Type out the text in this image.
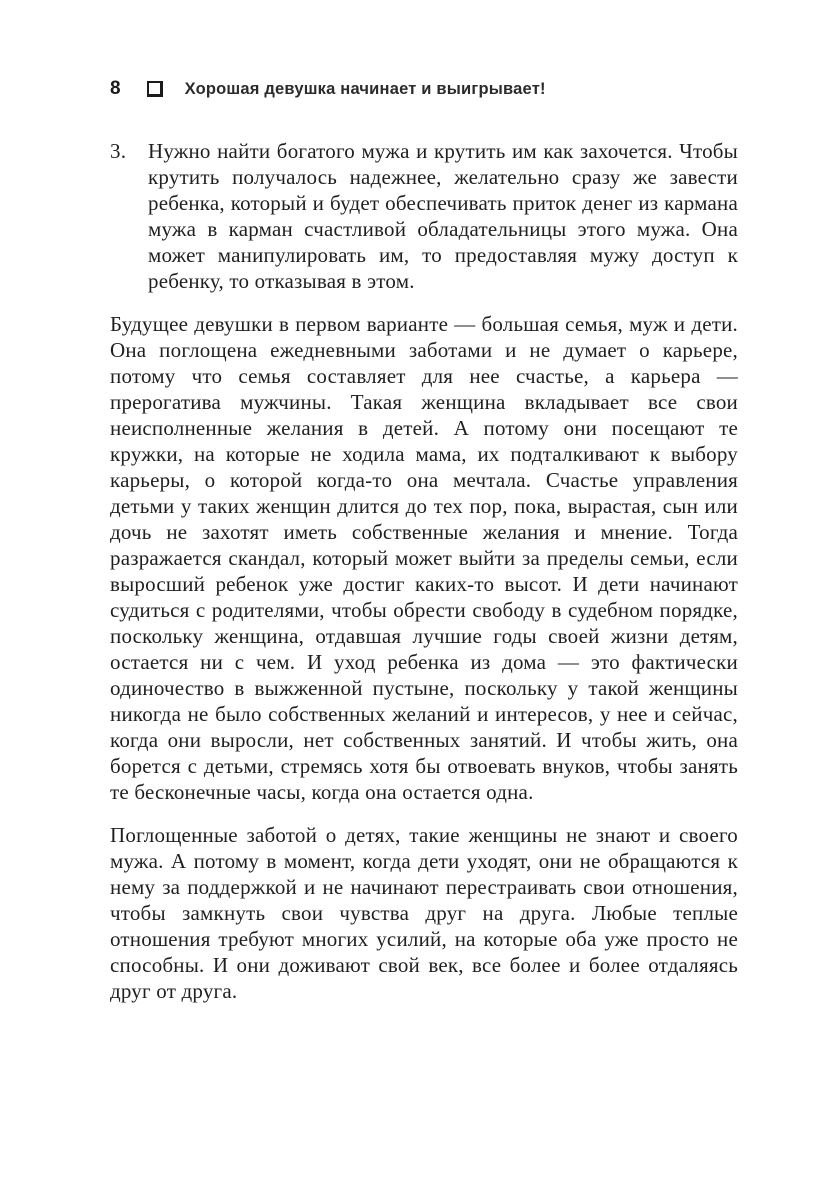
8	Хорошая девушка начинает и выигрывает!
3. Нужно найти богатого мужа и крутить им как захочется. Чтобы крутить получалось надежнее, желательно сразу же завести ребенка, который и будет обеспечивать приток денег из кармана мужа в карман счастливой обладательницы этого мужа. Она может манипулировать им, то предоставляя мужу доступ к ребенку, то отказывая в этом.

Будущее девушки в первом варианте — большая семья, муж и дети. Она поглощена ежедневными заботами и не думает о карьере, потому что семья составляет для нее счастье, а карьера — прерогатива мужчины. Такая женщина вкладывает все свои неисполненные желания в детей. А потому они посещают те кружки, на которые не ходила мама, их подталкивают к выбору карьеры, о которой когда-то она мечтала. Счастье управления детьми у таких женщин длится до тех пор, пока, вырастая, сын или дочь не захотят иметь собственные желания и мнение. Тогда разражается скандал, который может выйти за пределы семьи, если выросший ребенок уже достиг каких-то высот. И дети начинают судиться с родителями, чтобы обрести свободу в судебном порядке, поскольку женщина, отдавшая лучшие годы своей жизни детям, остается ни с чем. И уход ребенка из дома — это фактически одиночество в выжженной пустыне, поскольку у такой женщины никогда не было собственных желаний и интересов, у нее и сейчас, когда они выросли, нет собственных занятий. И чтобы жить, она борется с детьми, стремясь хотя бы отвоевать внуков, чтобы занять те бесконечные часы, когда она остается одна.

Поглощенные заботой о детях, такие женщины не знают и своего мужа. А потому в момент, когда дети уходят, они не обращаются к нему за поддержкой и не начинают перестраивать свои отношения, чтобы замкнуть свои чувства друг на друга. Любые теплые отношения требуют многих усилий, на которые оба уже просто не способны. И они доживают свой век, все более и более отдаляясь друг от друга.
